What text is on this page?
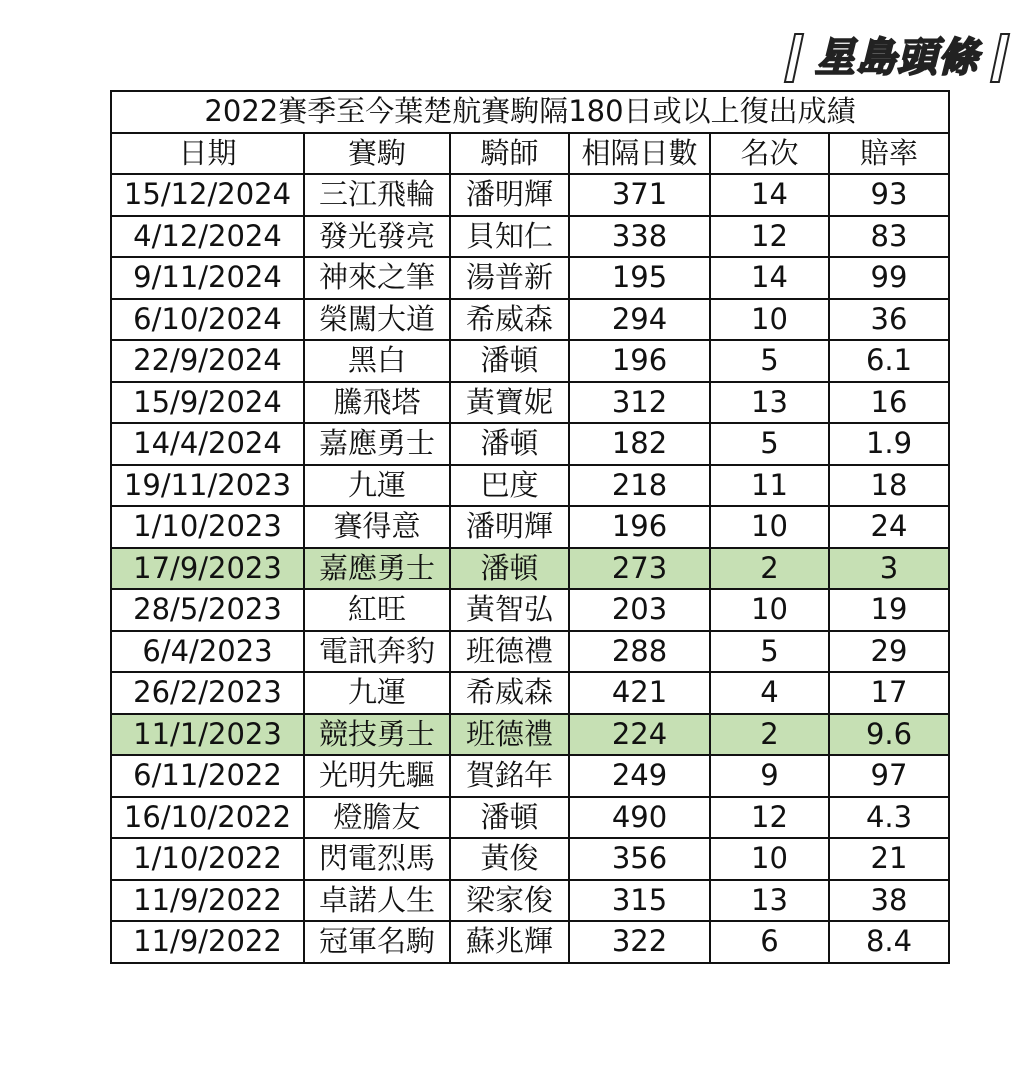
星島頭條
2022賽季至今葉楚航賽駒隔180日或以上復出成績					
日期	賽駒	騎師	相隔日數	名次	賠率
15/12/2024	三江飛輪	潘明輝	371	14	93
4/12/2024	發光發亮	貝知仁	338	12	83
9/11/2024	神來之筆	湯普新	195	14	99
6/10/2024	榮闖大道	希威森	294	10	36
22/9/2024	黑白	潘頓	196	5	6.1
15/9/2024	騰飛塔	黃寶妮	312	13	16
14/4/2024	嘉應勇士	潘頓	182	5	1.9
19/11/2023	九運	巴度	218	11	18
1/10/2023	賽得意	潘明輝	196	10	24
17/9/2023	嘉應勇士	潘頓	273	2	3
28/5/2023	紅旺	黃智弘	203	10	19
6/4/2023	電訊奔豹	班德禮	288	5	29
26/2/2023	九運	希威森	421	4	17
11/1/2023	競技勇士	班德禮	224	2	9.6
6/11/2022	光明先驅	賀銘年	249	9	97
16/10/2022	燈膽友	潘頓	490	12	4.3
1/10/2022	閃電烈馬	黃俊	356	10	21
11/9/2022	卓諾人生	梁家俊	315	13	38
11/9/2022	冠軍名駒	蘇兆輝	322	6	8.4
